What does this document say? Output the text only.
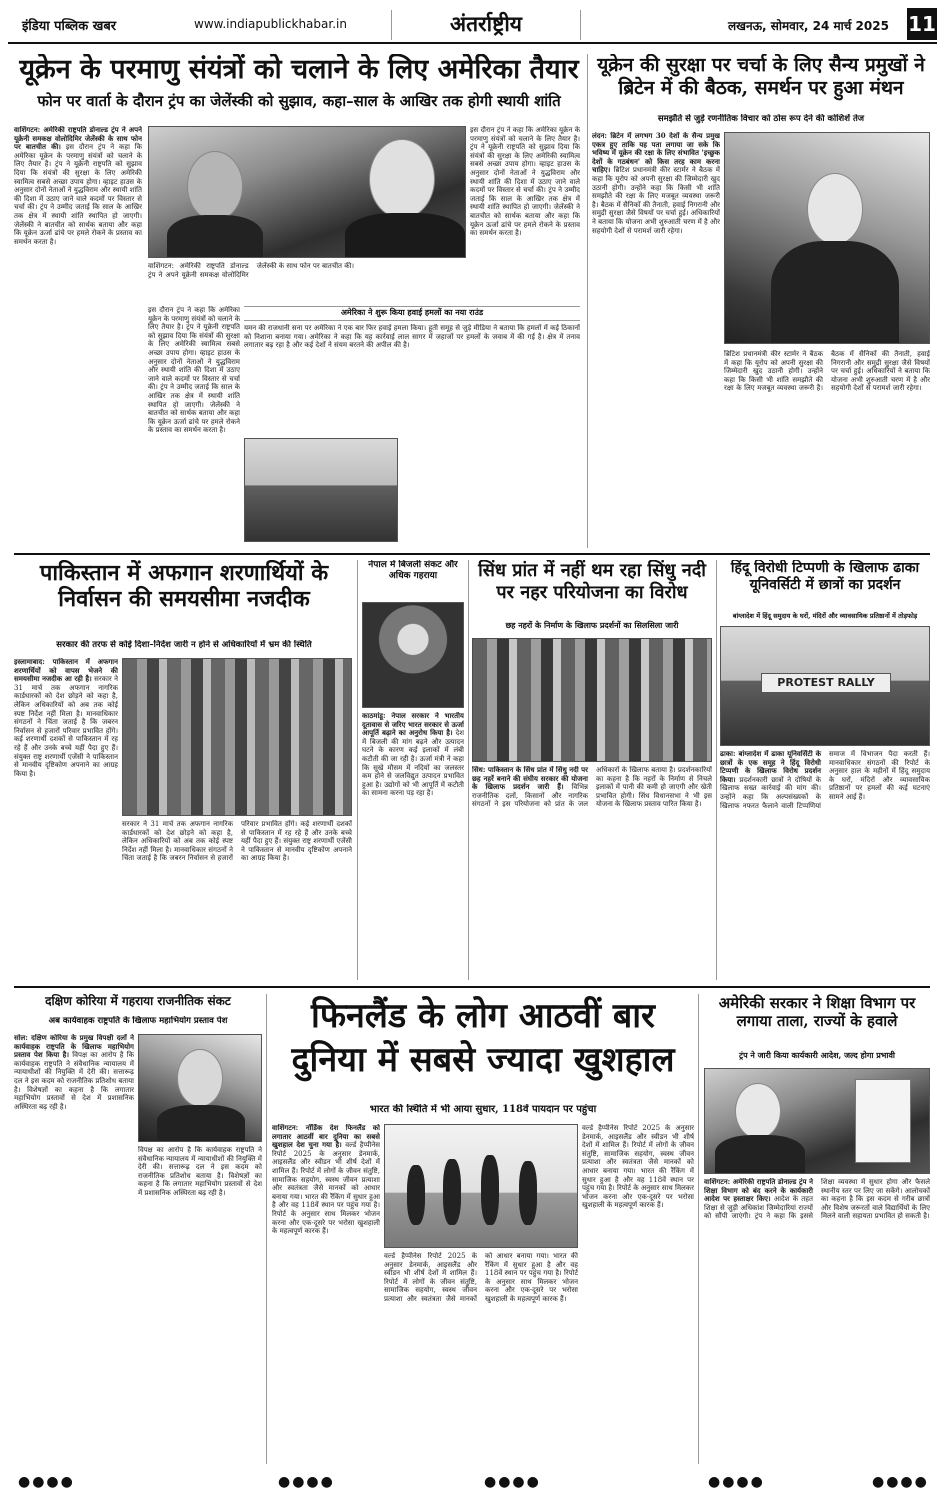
इंडिया पब्लिक खबर	www.indiapublickhabar.in	अंतर्राष्ट्रीय	लखनऊ, सोमवार, 24 मार्च 2025 11
यूक्रेन के परमाणु संयंत्रों को चलाने के लिए अमेरिका तैयार
फोन पर वार्ता के दौरान ट्रंप का जेलेंस्की को सुझाव, कहा–साल के आखिर तक होगी स्थायी शांति
वाशिंगटन: अमेरिकी राष्ट्रपति डोनाल्ड ट्रंप ने अपने यूक्रेनी समकक्ष वोलोदिमिर जेलेंस्की के साथ फोन पर बातचीत की। इस दौरान ट्रंप ने कहा कि अमेरिका यूक्रेन के परमाणु संयंत्रों को चलाने के लिए तैयार है। ट्रंप ने यूक्रेनी राष्ट्रपति को सुझाव दिया कि संयंत्रों की सुरक्षा के लिए अमेरिकी स्वामित्व सबसे अच्छा उपाय होगा। व्हाइट हाउस के अनुसार दोनों नेताओं ने युद्धविराम और स्थायी शांति की दिशा में उठाए जाने वाले कदमों पर विस्तार से चर्चा की। ट्रंप ने उम्मीद जताई कि साल के आखिर तक क्षेत्र में स्थायी शांति स्थापित हो जाएगी। जेलेंस्की ने बातचीत को सार्थक बताया और कहा कि यूक्रेन ऊर्जा ढांचे पर हमले रोकने के प्रस्ताव का समर्थन करता है।
इस दौरान ट्रंप ने कहा कि अमेरिका यूक्रेन के परमाणु संयंत्रों को चलाने के लिए तैयार है। ट्रंप ने यूक्रेनी राष्ट्रपति को सुझाव दिया कि संयंत्रों की सुरक्षा के लिए अमेरिकी स्वामित्व सबसे अच्छा उपाय होगा। व्हाइट हाउस के अनुसार दोनों नेताओं ने युद्धविराम और स्थायी शांति की दिशा में उठाए जाने वाले कदमों पर विस्तार से चर्चा की। ट्रंप ने उम्मीद जताई कि साल के आखिर तक क्षेत्र में स्थायी शांति स्थापित हो जाएगी। जेलेंस्की ने बातचीत को सार्थक बताया और कहा कि यूक्रेन ऊर्जा ढांचे पर हमले रोकने के प्रस्ताव का समर्थन करता है।
वाशिंगटन: अमेरिकी राष्ट्रपति डोनाल्ड ट्रंप ने अपने यूक्रेनी समकक्ष वोलोदिमिर जेलेंस्की के साथ फोन पर बातचीत की।
अमेरिका ने शुरू किया हवाई हमलों का नया राउंड
यमन की राजधानी सना पर अमेरिका ने एक बार फिर हवाई हमला किया। हूती समूह से जुड़े मीडिया ने बताया कि हमलों में कई ठिकानों को निशाना बनाया गया। अमेरिका ने कहा कि यह कार्रवाई लाल सागर में जहाजों पर हमलों के जवाब में की गई है। क्षेत्र में तनाव लगातार बढ़ रहा है और कई देशों ने संयम बरतने की अपील की है।
इस दौरान ट्रंप ने कहा कि अमेरिका यूक्रेन के परमाणु संयंत्रों को चलाने के लिए तैयार है। ट्रंप ने यूक्रेनी राष्ट्रपति को सुझाव दिया कि संयंत्रों की सुरक्षा के लिए अमेरिकी स्वामित्व सबसे अच्छा उपाय होगा। व्हाइट हाउस के अनुसार दोनों नेताओं ने युद्धविराम और स्थायी शांति की दिशा में उठाए जाने वाले कदमों पर विस्तार से चर्चा की। ट्रंप ने उम्मीद जताई कि साल के आखिर तक क्षेत्र में स्थायी शांति स्थापित हो जाएगी। जेलेंस्की ने बातचीत को सार्थक बताया और कहा कि यूक्रेन ऊर्जा ढांचे पर हमले रोकने के प्रस्ताव का समर्थन करता है।
यूक्रेन की सुरक्षा पर चर्चा के लिए सैन्य प्रमुखों ने ब्रिटेन में की बैठक, समर्थन पर हुआ मंथन
समझौते से जुड़े रणनीतिक विचार को ठोस रूप देने की कोशिशें तेज
लंदन: ब्रिटेन में लगभग 30 देशों के सैन्य प्रमुख एकत्र हुए ताकि यह पता लगाया जा सके कि भविष्य में यूक्रेन की रक्षा के लिए संभावित 'इच्छुक देशों के गठबंधन' को किस तरह काम करना चाहिए। ब्रिटिश प्रधानमंत्री कीर स्टार्मर ने बैठक में कहा कि यूरोप को अपनी सुरक्षा की जिम्मेदारी खुद उठानी होगी। उन्होंने कहा कि किसी भी शांति समझौते की रक्षा के लिए मजबूत व्यवस्था जरूरी है। बैठक में सैनिकों की तैनाती, हवाई निगरानी और समुद्री सुरक्षा जैसे विषयों पर चर्चा हुई। अधिकारियों ने बताया कि योजना अभी शुरुआती चरण में है और सहयोगी देशों से परामर्श जारी रहेगा।
ब्रिटिश प्रधानमंत्री कीर स्टार्मर ने बैठक में कहा कि यूरोप को अपनी सुरक्षा की जिम्मेदारी खुद उठानी होगी। उन्होंने कहा कि किसी भी शांति समझौते की रक्षा के लिए मजबूत व्यवस्था जरूरी है। बैठक में सैनिकों की तैनाती, हवाई निगरानी और समुद्री सुरक्षा जैसे विषयों पर चर्चा हुई। अधिकारियों ने बताया कि योजना अभी शुरुआती चरण में है और सहयोगी देशों से परामर्श जारी रहेगा।
पाकिस्तान में अफगान शरणार्थियों के निर्वासन की समयसीमा नजदीक
सरकार की तरफ से कोई दिशा–निर्देश जारी न होने से अधिकारियों में भ्रम की स्थिति
इस्लामाबाद: पाकिस्तान में अफगान शरणार्थियों को वापस भेजने की समयसीमा नजदीक आ रही है। सरकार ने 31 मार्च तक अफगान नागरिक कार्डधारकों को देश छोड़ने को कहा है, लेकिन अधिकारियों को अब तक कोई स्पष्ट निर्देश नहीं मिला है। मानवाधिकार संगठनों ने चिंता जताई है कि जबरन निर्वासन से हजारों परिवार प्रभावित होंगे। कई शरणार्थी दशकों से पाकिस्तान में रह रहे हैं और उनके बच्चे यहीं पैदा हुए हैं। संयुक्त राष्ट्र शरणार्थी एजेंसी ने पाकिस्तान से मानवीय दृष्टिकोण अपनाने का आग्रह किया है।
सरकार ने 31 मार्च तक अफगान नागरिक कार्डधारकों को देश छोड़ने को कहा है, लेकिन अधिकारियों को अब तक कोई स्पष्ट निर्देश नहीं मिला है। मानवाधिकार संगठनों ने चिंता जताई है कि जबरन निर्वासन से हजारों परिवार प्रभावित होंगे। कई शरणार्थी दशकों से पाकिस्तान में रह रहे हैं और उनके बच्चे यहीं पैदा हुए हैं। संयुक्त राष्ट्र शरणार्थी एजेंसी ने पाकिस्तान से मानवीय दृष्टिकोण अपनाने का आग्रह किया है।
नेपाल में बिजली संकट और अधिक गहराया
काठमांडू: नेपाल सरकार ने भारतीय दूतावास से जरिए भारत सरकार से ऊर्जा आपूर्ति बढ़ाने का अनुरोध किया है। देश में बिजली की मांग बढ़ने और उत्पादन घटने के कारण कई इलाकों में लंबी कटौती की जा रही है। ऊर्जा मंत्री ने कहा कि सूखे मौसम में नदियों का जलस्तर कम होने से जलविद्युत उत्पादन प्रभावित हुआ है। उद्योगों को भी आपूर्ति में कटौती का सामना करना पड़ रहा है।
सिंध प्रांत में नहीं थम रहा सिंधु नदी पर नहर परियोजना का विरोध
छह नहरों के निर्माण के खिलाफ प्रदर्शनों का सिलसिला जारी
सिंध: पाकिस्तान के सिंध प्रांत में सिंधु नदी पर छह नहरें बनाने की संघीय सरकार की योजना के खिलाफ प्रदर्शन जारी हैं। विभिन्न राजनीतिक दलों, किसानों और नागरिक संगठनों ने इस परियोजना को प्रांत के जल अधिकारों के खिलाफ बताया है। प्रदर्शनकारियों का कहना है कि नहरों के निर्माण से निचले इलाकों में पानी की कमी हो जाएगी और खेती प्रभावित होगी। सिंध विधानसभा ने भी इस योजना के खिलाफ प्रस्ताव पारित किया है।
हिंदू विरोधी टिप्पणी के खिलाफ ढाका यूनिवर्सिटी में छात्रों का प्रदर्शन
बांग्लादेश में हिंदू समुदाय के घरों, मंदिरों और व्यावसायिक प्रतिष्ठानों में तोड़फोड़
PROTEST RALLY
ढाका: बांग्लादेश में ढाका यूनिवर्सिटी के छात्रों के एक समूह ने हिंदू विरोधी टिप्पणी के खिलाफ विरोध प्रदर्शन किया। प्रदर्शनकारी छात्रों ने दोषियों के खिलाफ सख्त कार्रवाई की मांग की। उन्होंने कहा कि अल्पसंख्यकों के खिलाफ नफरत फैलाने वाली टिप्पणियां समाज में विभाजन पैदा करती हैं। मानवाधिकार संगठनों की रिपोर्ट के अनुसार हाल के महीनों में हिंदू समुदाय के घरों, मंदिरों और व्यावसायिक प्रतिष्ठानों पर हमलों की कई घटनाएं सामने आई हैं।
दक्षिण कोरिया में गहराया राजनीतिक संकट
अब कार्यवाहक राष्ट्रपति के खिलाफ महाभियोग प्रस्ताव पेश
सोल: दक्षिण कोरिया के प्रमुख विपक्षी दलों ने कार्यवाहक राष्ट्रपति के खिलाफ महाभियोग प्रस्ताव पेश किया है। विपक्ष का आरोप है कि कार्यवाहक राष्ट्रपति ने संवैधानिक न्यायालय में न्यायाधीशों की नियुक्ति में देरी की। सत्तारूढ़ दल ने इस कदम को राजनीतिक प्रतिशोध बताया है। विशेषज्ञों का कहना है कि लगातार महाभियोग प्रस्तावों से देश में प्रशासनिक अस्थिरता बढ़ रही है।
विपक्ष का आरोप है कि कार्यवाहक राष्ट्रपति ने संवैधानिक न्यायालय में न्यायाधीशों की नियुक्ति में देरी की। सत्तारूढ़ दल ने इस कदम को राजनीतिक प्रतिशोध बताया है। विशेषज्ञों का कहना है कि लगातार महाभियोग प्रस्तावों से देश में प्रशासनिक अस्थिरता बढ़ रही है।
फिनलैंड के लोग आठवीं बार दुनिया में सबसे ज्यादा खुशहाल
भारत की स्थिति में भी आया सुधार, 118वें पायदान पर पहुंचा
वाशिंगटन: नॉर्डिक देश फिनलैंड को लगातार आठवीं बार दुनिया का सबसे खुशहाल देश चुना गया है। वर्ल्ड हैप्पीनेस रिपोर्ट 2025 के अनुसार डेनमार्क, आइसलैंड और स्वीडन भी शीर्ष देशों में शामिल हैं। रिपोर्ट में लोगों के जीवन संतुष्टि, सामाजिक सहयोग, स्वस्थ जीवन प्रत्याशा और स्वतंत्रता जैसे मानकों को आधार बनाया गया। भारत की रैंकिंग में सुधार हुआ है और वह 118वें स्थान पर पहुंच गया है। रिपोर्ट के अनुसार साथ मिलकर भोजन करना और एक-दूसरे पर भरोसा खुशहाली के महत्वपूर्ण कारक हैं।
वर्ल्ड हैप्पीनेस रिपोर्ट 2025 के अनुसार डेनमार्क, आइसलैंड और स्वीडन भी शीर्ष देशों में शामिल हैं। रिपोर्ट में लोगों के जीवन संतुष्टि, सामाजिक सहयोग, स्वस्थ जीवन प्रत्याशा और स्वतंत्रता जैसे मानकों को आधार बनाया गया। भारत की रैंकिंग में सुधार हुआ है और वह 118वें स्थान पर पहुंच गया है। रिपोर्ट के अनुसार साथ मिलकर भोजन करना और एक-दूसरे पर भरोसा खुशहाली के महत्वपूर्ण कारक हैं।
वर्ल्ड हैप्पीनेस रिपोर्ट 2025 के अनुसार डेनमार्क, आइसलैंड और स्वीडन भी शीर्ष देशों में शामिल हैं। रिपोर्ट में लोगों के जीवन संतुष्टि, सामाजिक सहयोग, स्वस्थ जीवन प्रत्याशा और स्वतंत्रता जैसे मानकों को आधार बनाया गया। भारत की रैंकिंग में सुधार हुआ है और वह 118वें स्थान पर पहुंच गया है। रिपोर्ट के अनुसार साथ मिलकर भोजन करना और एक-दूसरे पर भरोसा खुशहाली के महत्वपूर्ण कारक हैं।
अमेरिकी सरकार ने शिक्षा विभाग पर लगाया ताला, राज्यों के हवाले
ट्रंप ने जारी किया कार्यकारी आदेश, जल्द होगा प्रभावी
वाशिंगटन: अमेरिकी राष्ट्रपति डोनाल्ड ट्रंप ने शिक्षा विभाग को बंद करने के कार्यकारी आदेश पर हस्ताक्षर किए। आदेश के तहत शिक्षा से जुड़ी अधिकांश जिम्मेदारियां राज्यों को सौंपी जाएंगी। ट्रंप ने कहा कि इससे शिक्षा व्यवस्था में सुधार होगा और फैसले स्थानीय स्तर पर लिए जा सकेंगे। आलोचकों का कहना है कि इस कदम से गरीब छात्रों और विशेष जरूरतों वाले विद्यार्थियों के लिए मिलने वाली सहायता प्रभावित हो सकती है।
●●●●	●●●●	●●●●	●●●●	●●●●
